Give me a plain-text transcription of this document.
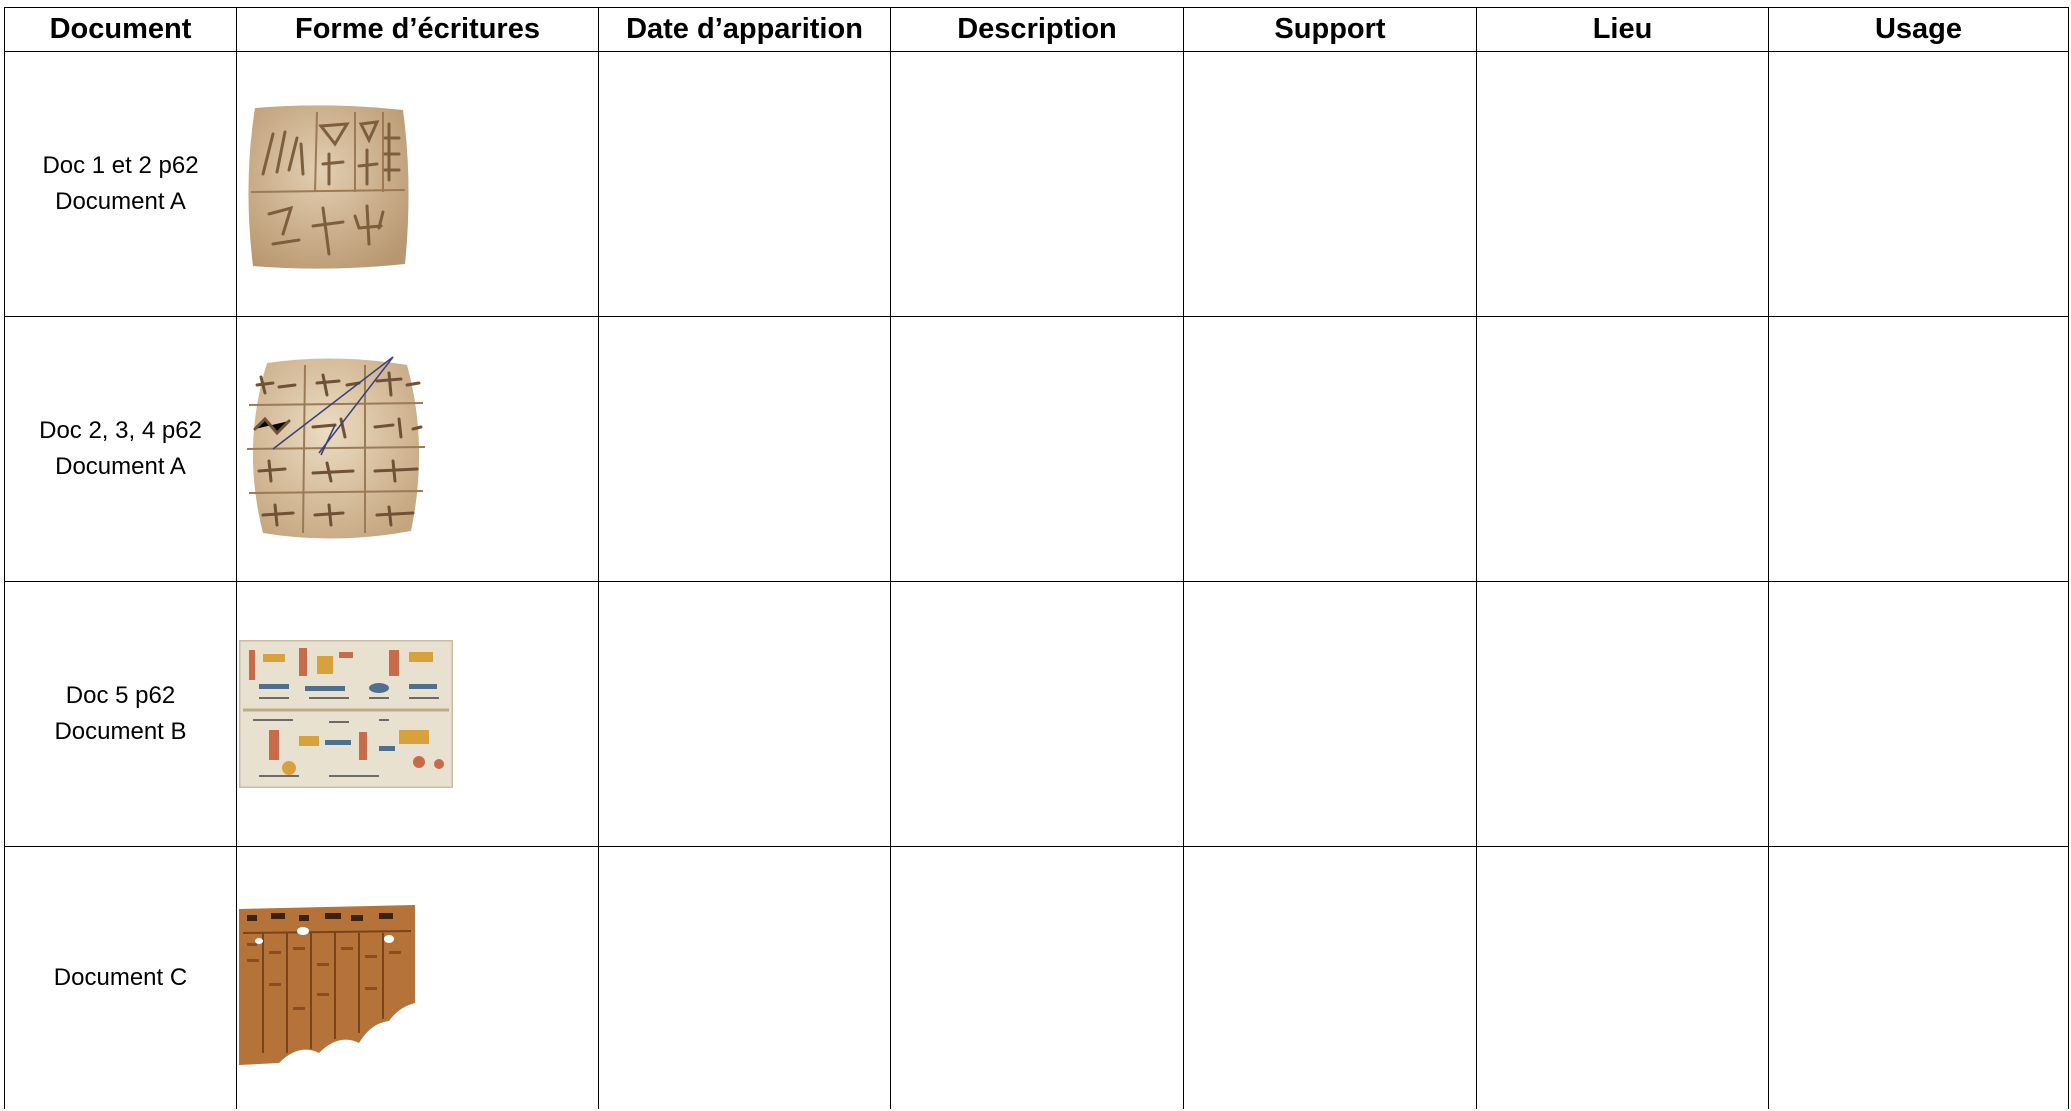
Document	Forme d’écritures	Date d’apparition	Description	Support	Lieu	Usage

Doc 1 et 2 p62
Document A

Doc 2, 3, 4 p62
Document A

Doc 5 p62
Document B

Document C
